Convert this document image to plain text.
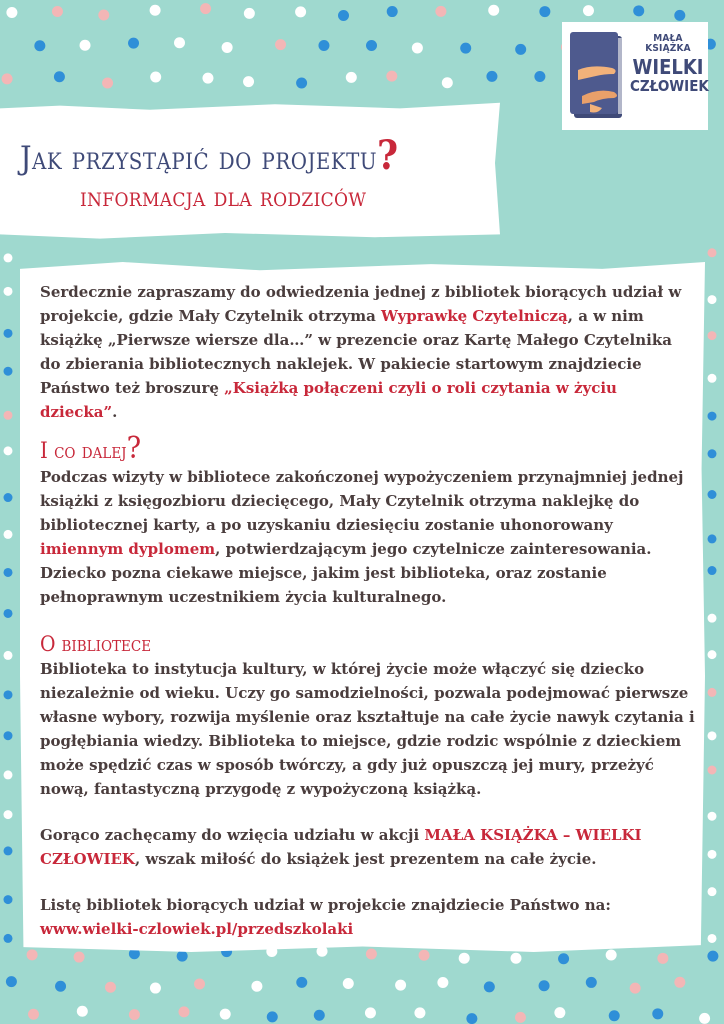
MAŁA KSIĄŻKA
WIELKI
CZŁOWIEK
Jak przystąpić do projektu?
informacja dla rodziców

Serdecznie zapraszamy do odwiedzenia jednej z bibliotek biorących udział w projekcie, gdzie Mały Czytelnik otrzyma Wyprawkę Czytelniczą, a w nim książkę „Pierwsze wiersze dla…” w prezencie oraz Kartę Małego Czytelnika do zbierania bibliotecznych naklejek. W pakiecie startowym znajdziecie Państwo też broszurę „Książką połączeni czyli o roli czytania w życiu dziecka”.

I co dalej?

Podczas wizyty w bibliotece zakończonej wypożyczeniem przynajmniej jednej książki z księgozbioru dziecięcego, Mały Czytelnik otrzyma naklejkę do bibliotecznej karty, a po uzyskaniu dziesięciu zostanie uhonorowany imiennym dyplomem, potwierdzającym jego czytelnicze zainteresowania. Dziecko pozna ciekawe miejsce, jakim jest biblioteka, oraz zostanie pełnoprawnym uczestnikiem życia kulturalnego.

O bibliotece

Biblioteka to instytucja kultury, w której życie może włączyć się dziecko niezależnie od wieku. Uczy go samodzielności, pozwala podejmować pierwsze własne wybory, rozwija myślenie oraz kształtuje na całe życie nawyk czytania i pogłębiania wiedzy. Biblioteka to miejsce, gdzie rodzic wspólnie z dzieckiem może spędzić czas w sposób twórczy, a gdy już opuszczą jej mury, przeżyć nową, fantastyczną przygodę z wypożyczoną książką.

Gorąco zachęcamy do wzięcia udziału w akcji MAŁA KSIĄŻKA – WIELKI CZŁOWIEK, wszak miłość do książek jest prezentem na całe życie.

Listę bibliotek biorących udział w projekcie znajdziecie Państwo na: www.wielki-czlowiek.pl/przedszkolaki
